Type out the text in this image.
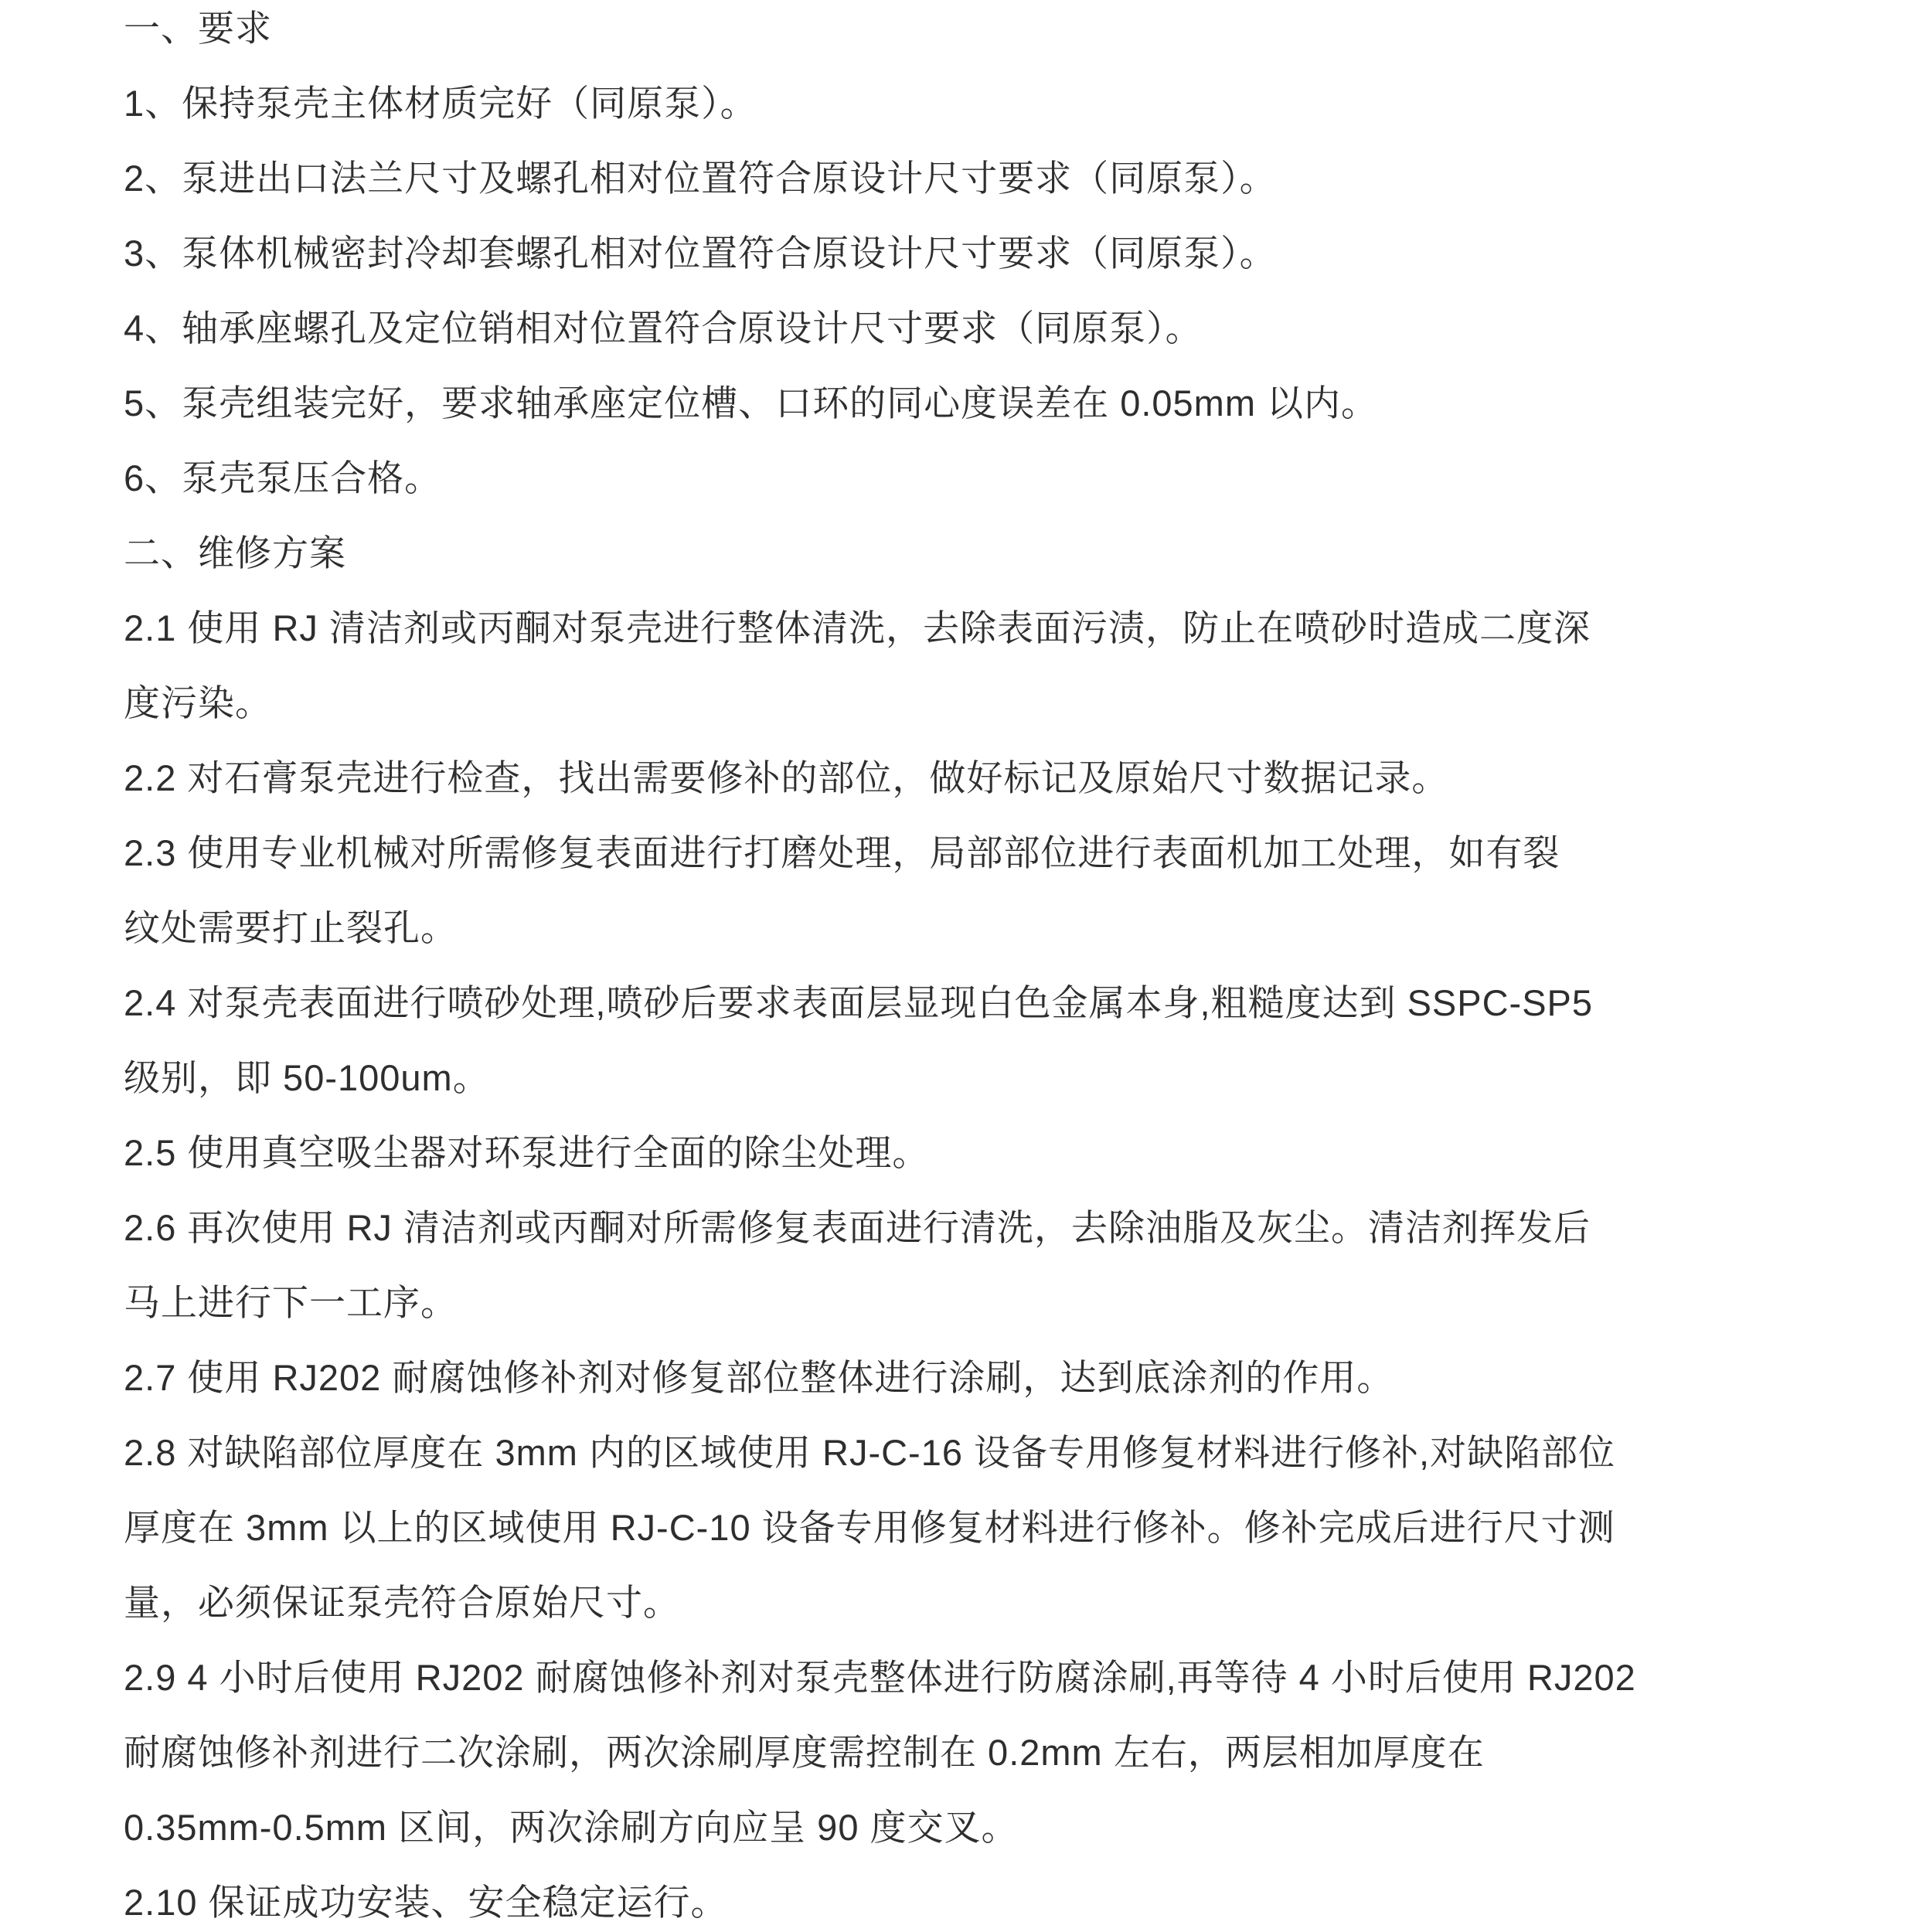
一、要求
1、保持泵壳主体材质完好（同原泵）。
2、泵进出口法兰尺寸及螺孔相对位置符合原设计尺寸要求（同原泵）。
3、泵体机械密封冷却套螺孔相对位置符合原设计尺寸要求（同原泵）。
4、轴承座螺孔及定位销相对位置符合原设计尺寸要求（同原泵）。
5、泵壳组装完好，要求轴承座定位槽、口环的同心度误差在 0.05mm 以内。
6、泵壳泵压合格。
二、维修方案
2.1 使用 RJ 清洁剂或丙酮对泵壳进行整体清洗，去除表面污渍，防止在喷砂时造成二度深
度污染。
2.2 对石膏泵壳进行检查，找出需要修补的部位，做好标记及原始尺寸数据记录。
2.3 使用专业机械对所需修复表面进行打磨处理，局部部位进行表面机加工处理，如有裂
纹处需要打止裂孔。
2.4 对泵壳表面进行喷砂处理,喷砂后要求表面层显现白色金属本身,粗糙度达到 SSPC-SP5
级别，即 50-100um。
2.5 使用真空吸尘器对环泵进行全面的除尘处理。
2.6 再次使用 RJ 清洁剂或丙酮对所需修复表面进行清洗，去除油脂及灰尘。清洁剂挥发后
马上进行下一工序。
2.7 使用 RJ202 耐腐蚀修补剂对修复部位整体进行涂刷，达到底涂剂的作用。
2.8 对缺陷部位厚度在 3mm 内的区域使用 RJ-C-16 设备专用修复材料进行修补,对缺陷部位
厚度在 3mm 以上的区域使用 RJ-C-10 设备专用修复材料进行修补。修补完成后进行尺寸测
量，必须保证泵壳符合原始尺寸。
2.9 4 小时后使用 RJ202 耐腐蚀修补剂对泵壳整体进行防腐涂刷,再等待 4 小时后使用 RJ202
耐腐蚀修补剂进行二次涂刷，两次涂刷厚度需控制在 0.2mm 左右，两层相加厚度在
0.35mm-0.5mm 区间，两次涂刷方向应呈 90 度交叉。
2.10 保证成功安装、安全稳定运行。
